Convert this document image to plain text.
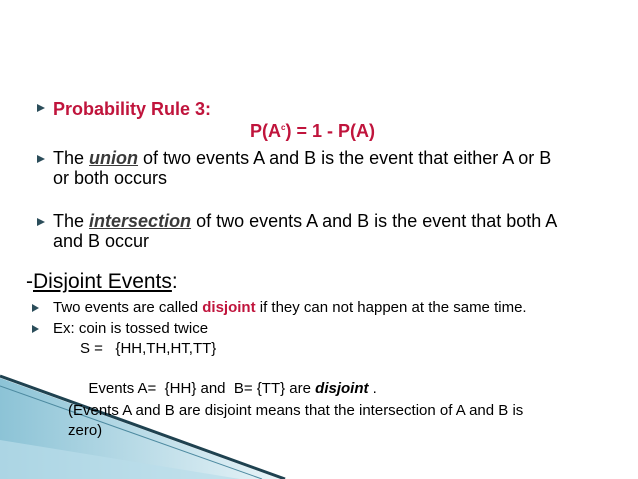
Probability Rule 3:
$P(A^c) = 1 - P(A)$
The union of two events A and B is the event that either A or B
or both occurs
The intersection of two events A and B is the event that both A
and B occur
-Disjoint Events:
Two events are called disjoint if they can not happen at the same time.
Ex: coin is tossed twice
S =   {HH,TH,HT,TT}

Events A=  {HH} and  B= {TT} are disjoint .

(Events A and B are disjoint means that the intersection of A and B is
zero)
